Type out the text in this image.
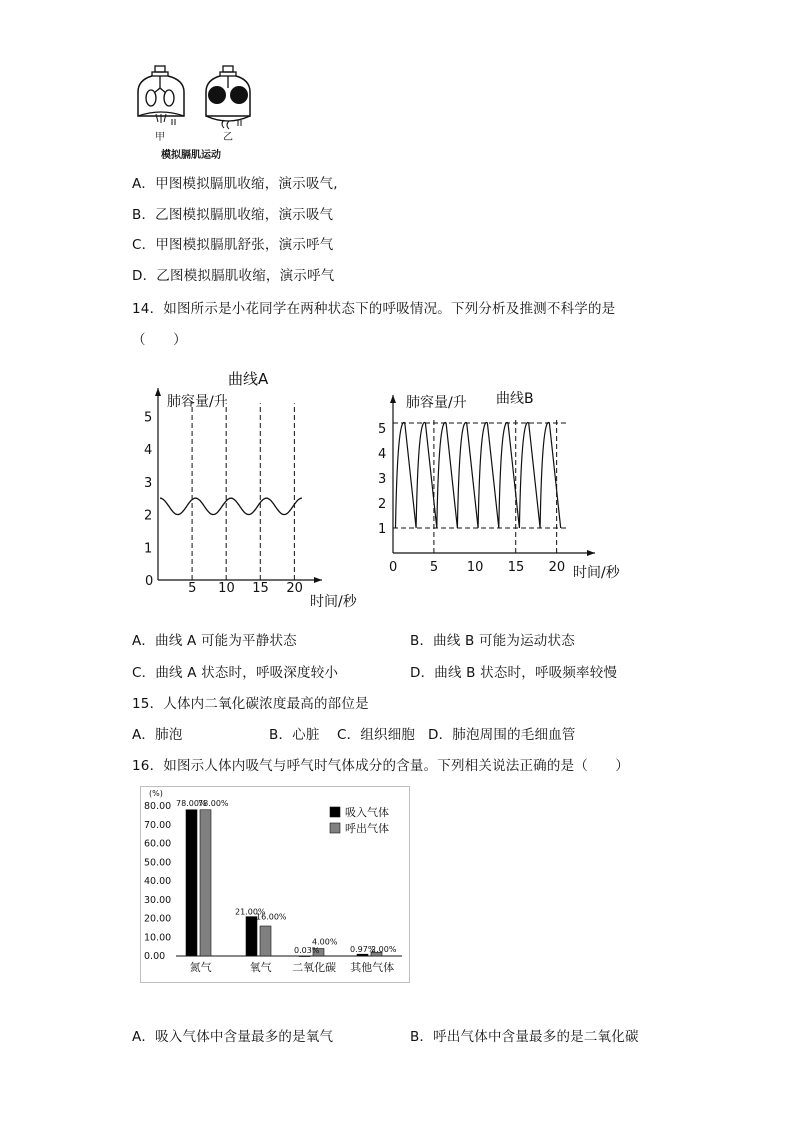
甲	乙
模拟膈肌运动
A．甲图模拟膈肌收缩，演示吸气,
B．乙图模拟膈肌收缩，演示吸气
C．甲图模拟膈肌舒张，演示呼气
D．乙图模拟膈肌收缩，演示呼气
14．如图所示是小花同学在两种状态下的呼吸情况。下列分析及推测不科学的是
（　　）
0	5 10 15 20
1
2
3
4
5
曲线A
肺容量/升
时间/秒
0	5 10 15 20
1
2
3
4
5
曲线B
肺容量/升
时间/秒
A．曲线 A 可能为平静状态	B．曲线 B 可能为运动状态
C．曲线 A 状态时，呼吸深度较小	D．曲线 B 状态时，呼吸频率较慢
15．人体内二氧化碳浓度最高的部位是
A．肺泡	B．心脏 C．组织细胞 D．肺泡周围的毛细血管
16．如图示人体内吸气与呼气时气体成分的含量。下列相关说法正确的是（　　）
(%)
80.00
70.00
60.00
50.00
40.00
30.00
20.00
10.00
0.00
78.00%
78.00%
氮气
21.00%
16.00%
氧气
0.03%
4.00%
二氧化碳
0.97%
2.00%
其他气体
吸入气体
呼出气体
A．吸入气体中含量最多的是氧气	B．呼出气体中含量最多的是二氧化碳
